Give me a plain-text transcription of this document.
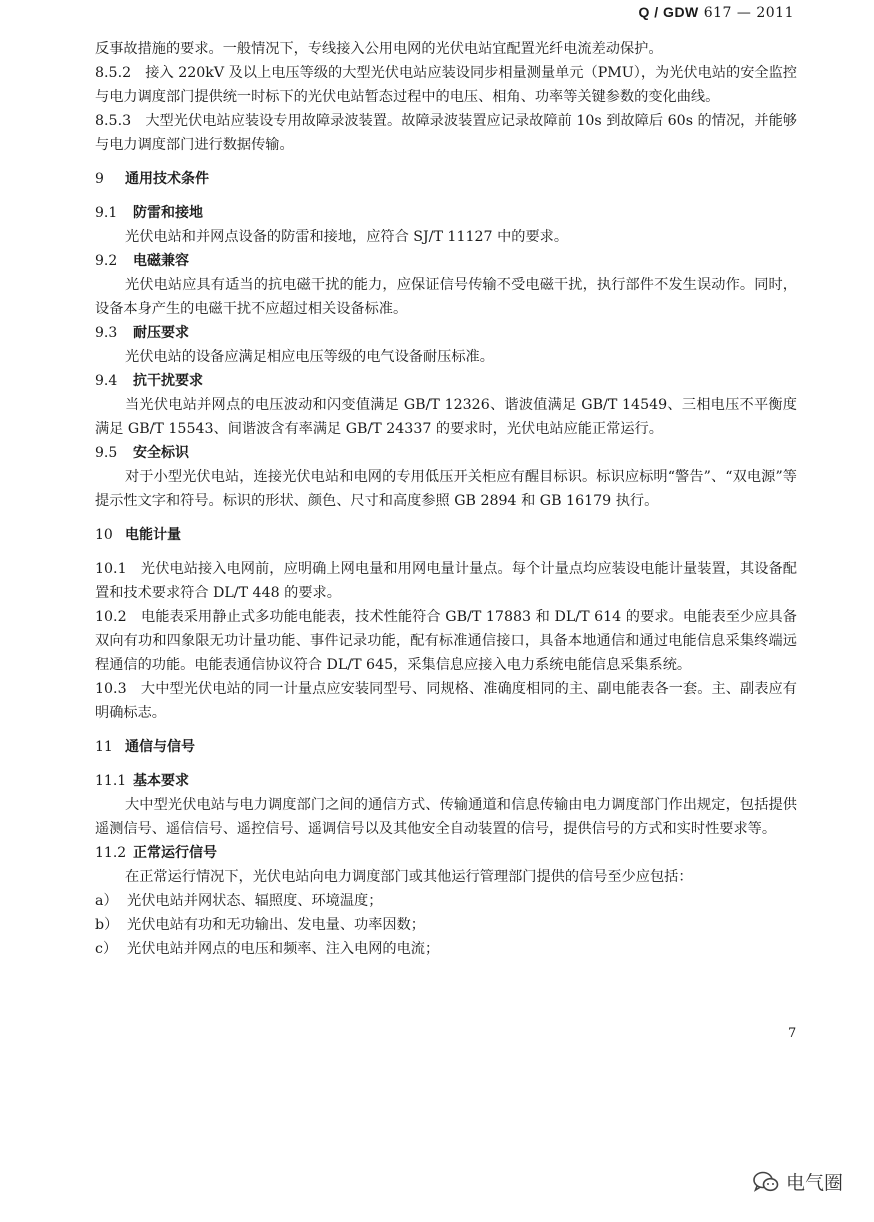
Q / GDW 617 — 2011

反事故措施的要求。一般情况下，专线接入公用电网的光伏电站宜配置光纤电流差动保护。

8.5.2　接入 220kV 及以上电压等级的大型光伏电站应装设同步相量测量单元（PMU），为光伏电站的安全监控与电力调度部门提供统一时标下的光伏电站暂态过程中的电压、相角、功率等关键参数的变化曲线。

8.5.3　大型光伏电站应装设专用故障录波装置。故障录波装置应记录故障前 10s 到故障后 60s 的情况，并能够与电力调度部门进行数据传输。

9 通用技术条件
9.1 防雷和接地

光伏电站和并网点设备的防雷和接地，应符合 SJ/T 11127 中的要求。

9.2 电磁兼容

光伏电站应具有适当的抗电磁干扰的能力，应保证信号传输不受电磁干扰，执行部件不发生误动作。同时，设备本身产生的电磁干扰不应超过相关设备标准。

9.3 耐压要求

光伏电站的设备应满足相应电压等级的电气设备耐压标准。

9.4 抗干扰要求

当光伏电站并网点的电压波动和闪变值满足 GB/T 12326、谐波值满足 GB/T 14549、三相电压不平衡度满足 GB/T 15543、间谐波含有率满足 GB/T 24337 的要求时，光伏电站应能正常运行。

9.5 安全标识

对于小型光伏电站，连接光伏电站和电网的专用低压开关柜应有醒目标识。标识应标明“警告”、“双电源”等提示性文字和符号。标识的形状、颜色、尺寸和高度参照 GB 2894 和 GB 16179 执行。

10 电能计量

10.1　光伏电站接入电网前，应明确上网电量和用网电量计量点。每个计量点均应装设电能计量装置，其设备配置和技术要求符合 DL/T 448 的要求。

10.2　电能表采用静止式多功能电能表，技术性能符合 GB/T 17883 和 DL/T 614 的要求。电能表至少应具备双向有功和四象限无功计量功能、事件记录功能，配有标准通信接口，具备本地通信和通过电能信息采集终端远程通信的功能。电能表通信协议符合 DL/T 645，采集信息应接入电力系统电能信息采集系统。

10.3　大中型光伏电站的同一计量点应安装同型号、同规格、准确度相同的主、副电能表各一套。主、副表应有明确标志。

11 通信与信号
11.1 基本要求

大中型光伏电站与电力调度部门之间的通信方式、传输通道和信息传输由电力调度部门作出规定，包括提供遥测信号、遥信信号、遥控信号、遥调信号以及其他安全自动装置的信号，提供信号的方式和实时性要求等。

11.2 正常运行信号

在正常运行情况下，光伏电站向电力调度部门或其他运行管理部门提供的信号至少应包括：

a） 光伏电站并网状态、辐照度、环境温度；
b） 光伏电站有功和无功输出、发电量、功率因数；
c） 光伏电站并网点的电压和频率、注入电网的电流；
7
电气圈
